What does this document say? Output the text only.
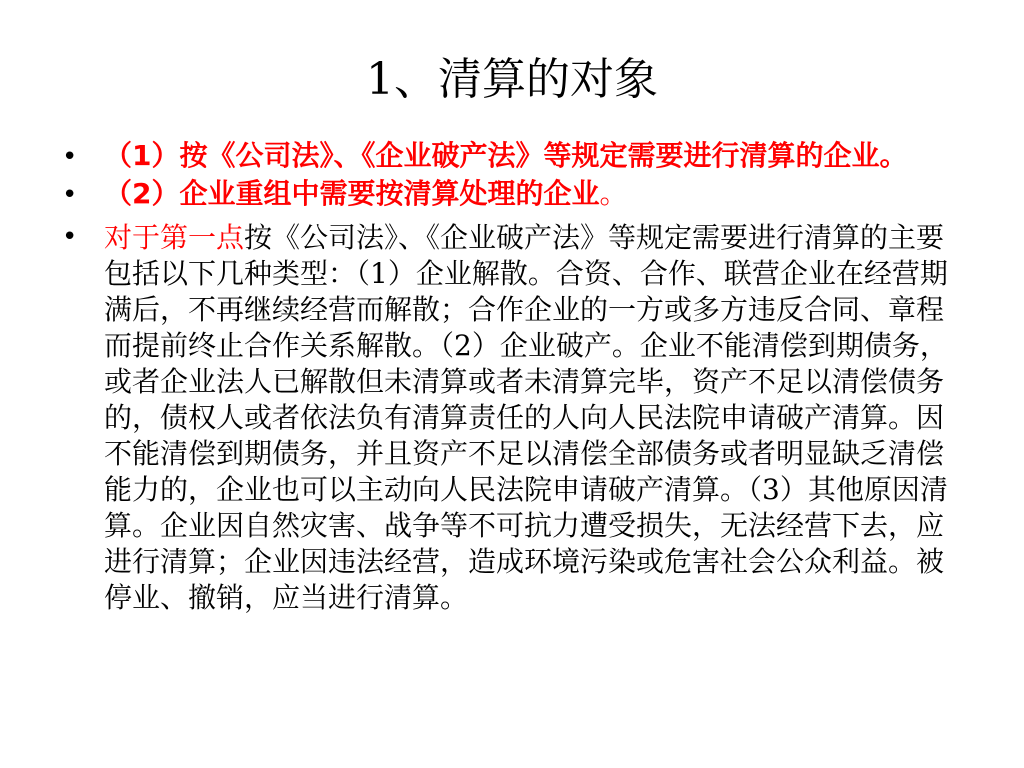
1、清算的对象
• （1）按《公司法》、《企业破产法》等规定需要进行清算的企业。
• （2）企业重组中需要按清算处理的企业。
• 对于第一点按《公司法》、《企业破产法》等规定需要进行清算的主要包括以下几种类型：（1）企业解散。合资、合作、联营企业在经营期满后，不再继续经营而解散；合作企业的一方或多方违反合同、章程而提前终止合作关系解散。（2）企业破产。企业不能清偿到期债务，或者企业法人已解散但未清算或者未清算完毕，资产不足以清偿债务的，债权人或者依法负有清算责任的人向人民法院申请破产清算。因不能清偿到期债务，并且资产不足以清偿全部债务或者明显缺乏清偿能力的，企业也可以主动向人民法院申请破产清算。（3）其他原因清算。企业因自然灾害、战争等不可抗力遭受损失，无法经营下去，应进行清算；企业因违法经营，造成环境污染或危害社会公众利益。被停业、撤销，应当进行清算。
